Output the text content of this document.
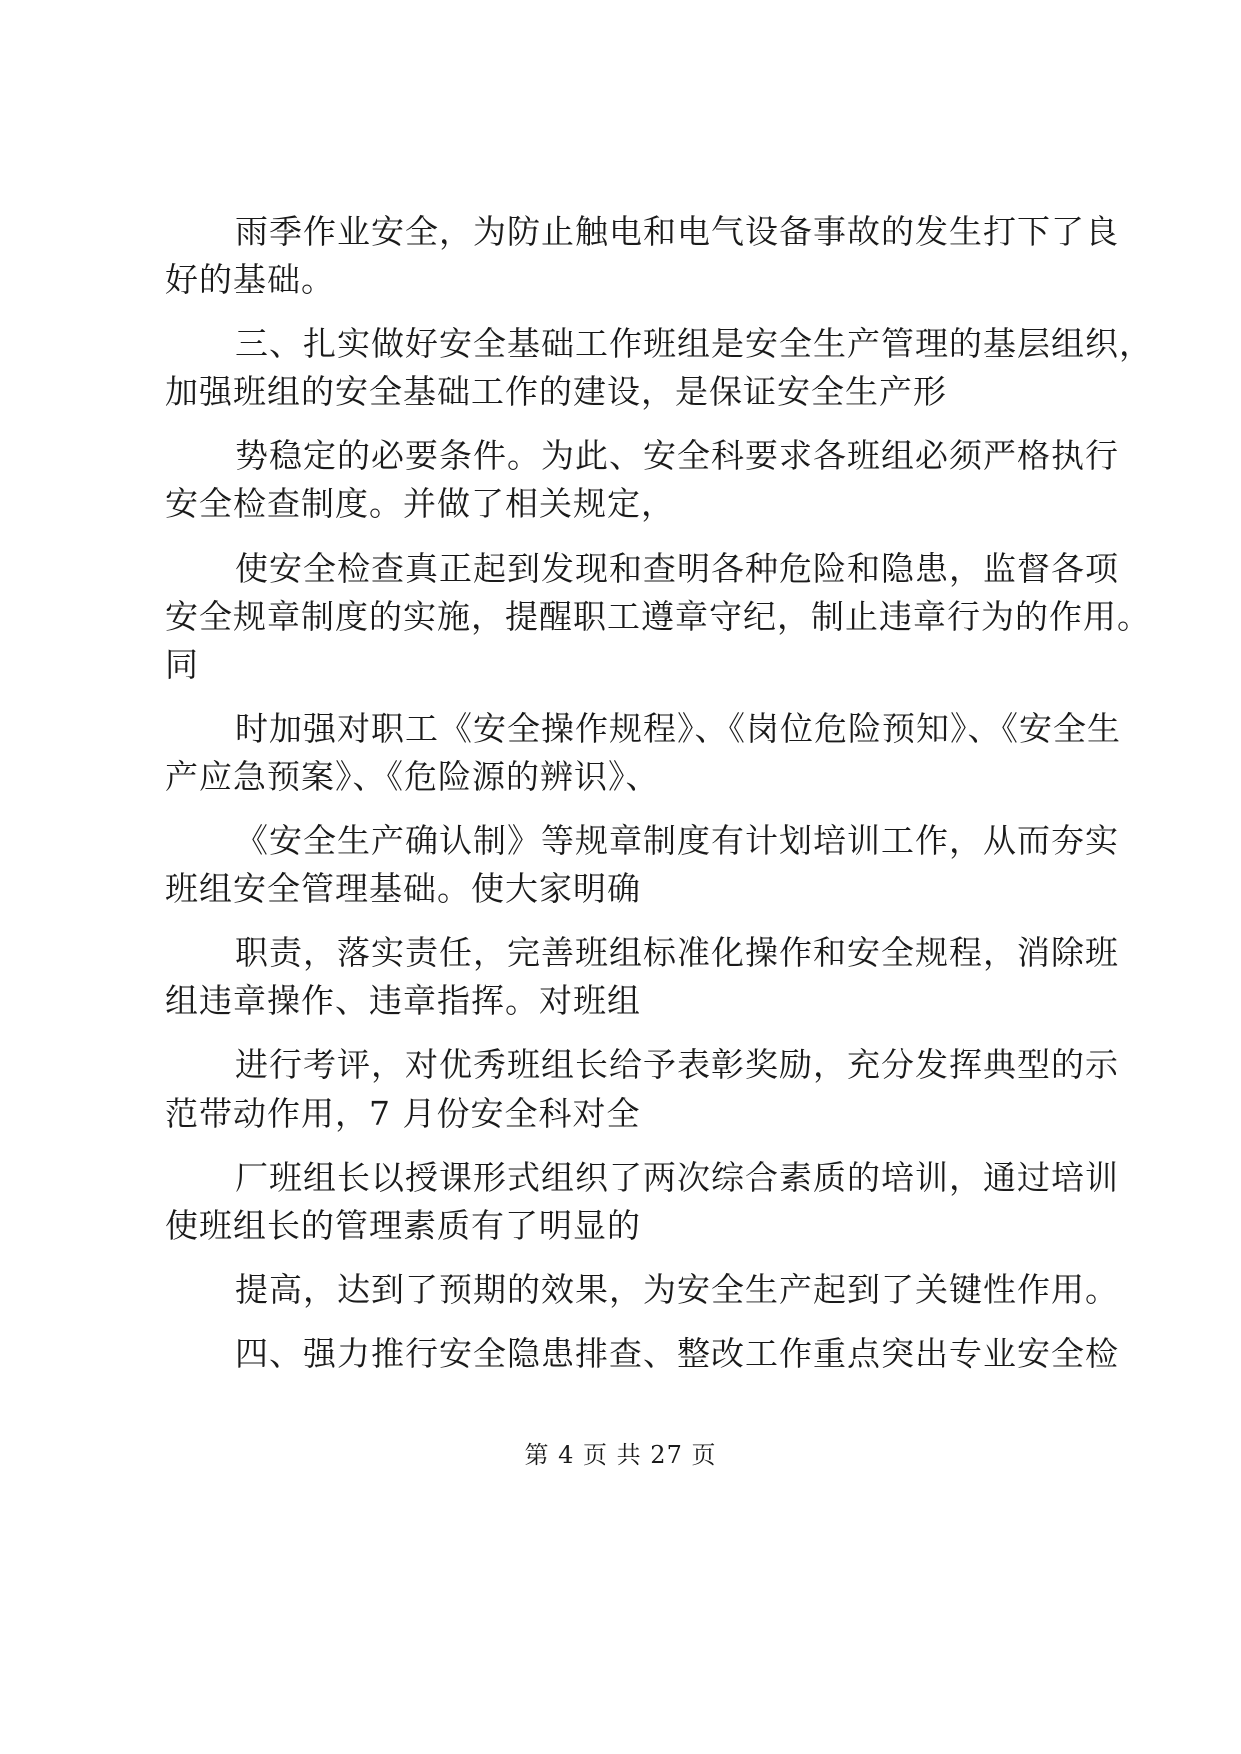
雨季作业安全，为防止触电和电气设备事故的发生打下了良
好的基础。
三、扎实做好安全基础工作班组是安全生产管理的基层组织，
加强班组的安全基础工作的建设，是保证安全生产形
势稳定的必要条件。为此、安全科要求各班组必须严格执行
安全检查制度。并做了相关规定，
使安全检查真正起到发现和查明各种危险和隐患，监督各项
安全规章制度的实施，提醒职工遵章守纪，制止违章行为的作用。
同
时加强对职工《安全操作规程》、《岗位危险预知》、《安全生
产应急预案》、《危险源的辨识》、
《安全生产确认制》等规章制度有计划培训工作，从而夯实
班组安全管理基础。使大家明确
职责，落实责任，完善班组标准化操作和安全规程，消除班
组违章操作、违章指挥。对班组
进行考评，对优秀班组长给予表彰奖励，充分发挥典型的示
范带动作用，7 月份安全科对全
厂班组长以授课形式组织了两次综合素质的培训，通过培训
使班组长的管理素质有了明显的
提高，达到了预期的效果，为安全生产起到了关键性作用。
四、强力推行安全隐患排查、整改工作重点突出专业安全检
第 4 页 共 27 页
